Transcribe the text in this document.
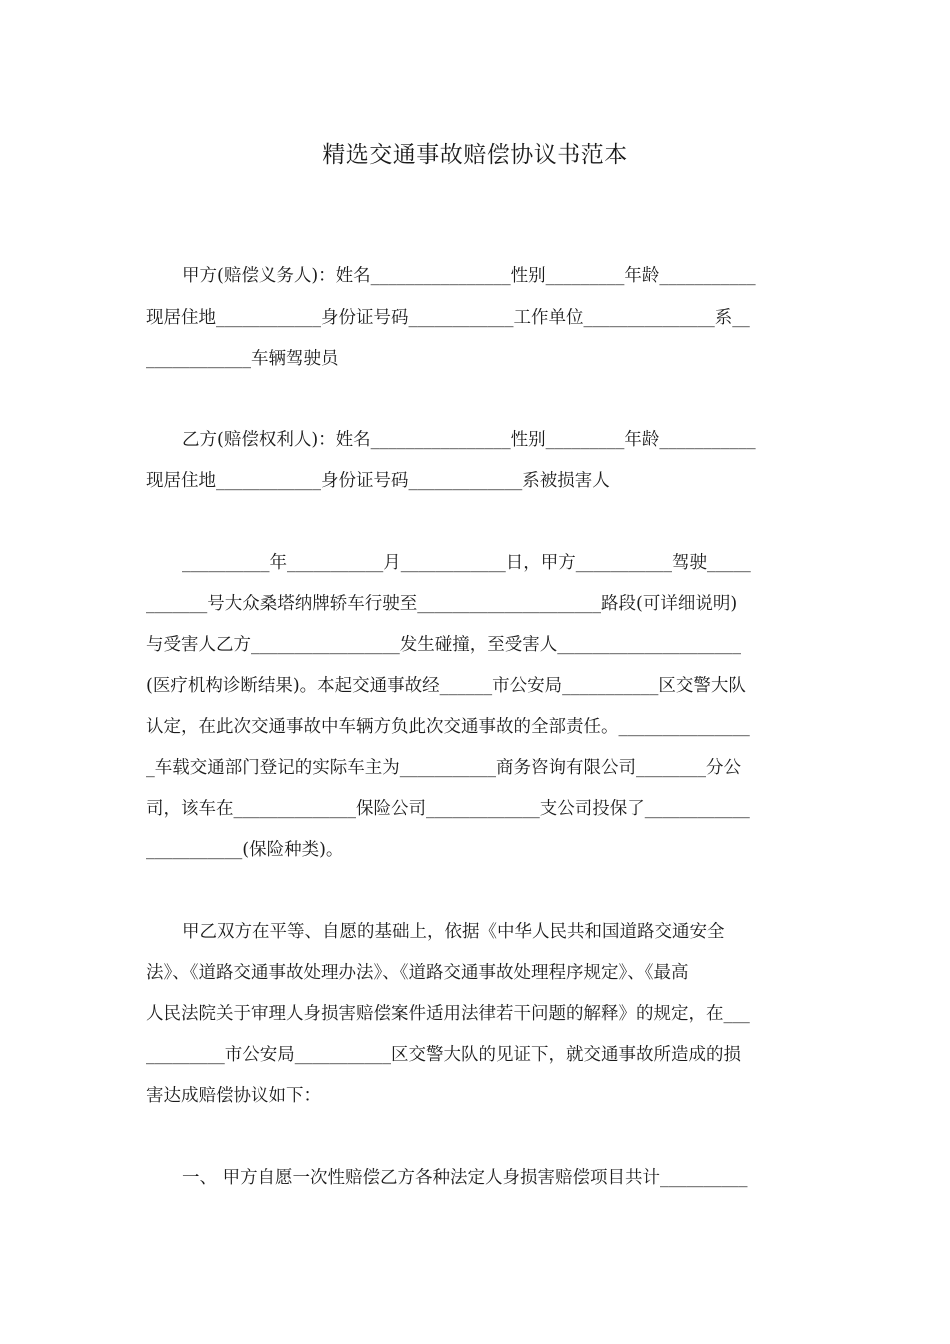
精选交通事故赔偿协议书范本
甲方(赔偿义务人)：姓名________________性别_________年龄___________
现居住地____________身份证号码____________工作单位_______________系__
____________车辆驾驶员
乙方(赔偿权利人)：姓名________________性别_________年龄___________
现居住地____________身份证号码_____________系被损害人
__________年___________月____________日，甲方___________驾驶_____
_______号大众桑塔纳牌轿车行驶至_____________________路段(可详细说明)
与受害人乙方_________________发生碰撞，至受害人_____________________
(医疗机构诊断结果)。本起交通事故经______市公安局___________区交警大队
认定，在此次交通事故中车辆方负此次交通事故的全部责任。_______________
_车载交通部门登记的实际车主为___________商务咨询有限公司________分公
司，该车在______________保险公司_____________支公司投保了____________
___________(保险种类)。
甲乙双方在平等、自愿的基础上，依据《中华人民共和国道路交通安全
法》、《道路交通事故处理办法》、《道路交通事故处理程序规定》、《最高
人民法院关于审理人身损害赔偿案件适用法律若干问题的解释》的规定，在___
_________市公安局___________区交警大队的见证下，就交通事故所造成的损
害达成赔偿协议如下：
一、 甲方自愿一次性赔偿乙方各种法定人身损害赔偿项目共计__________
